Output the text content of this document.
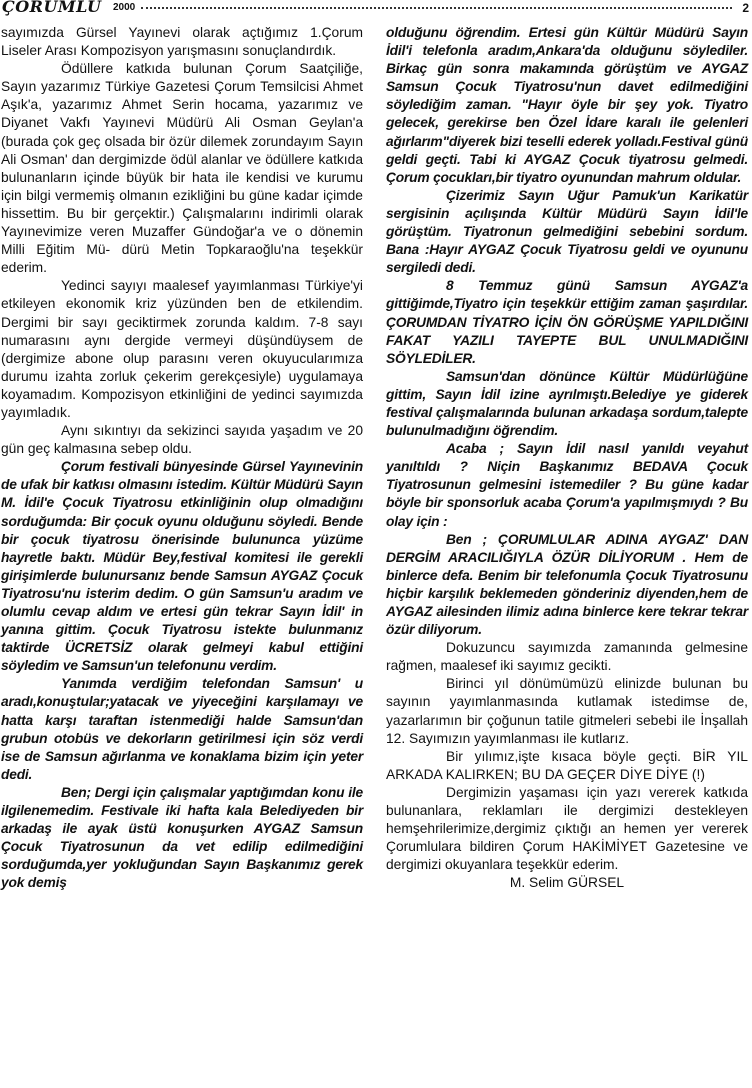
ÇORUMLU 2000	2

sayımızda Gürsel Yayınevi olarak açtığımız 1.Çorum Liseler Arası Kompozisyon yarışmasını sonuçlandırdık.

Ödüllere katkıda bulunan Çorum Saatçiliğe, Sayın yazarımız Türkiye Gazetesi Çorum Temsilcisi Ahmet Aşık'a, yazarımız Ahmet Serin hocama, yazarımız ve Diyanet Vakfı Yayınevi Müdürü Ali Osman Geylan'a (burada çok geç olsada bir özür dilemek zorundayım Sayın Ali Osman' dan dergimizde ödül alanlar ve ödüllere katkıda bulunanların içinde büyük bir hata ile kendisi ve kurumu için bilgi vermemiş olmanın ezikliğini bu güne kadar içimde hissettim. Bu bir gerçektir.) Çalışmalarını indirimli olarak Yayınevimize veren Muzaffer Gündoğar'a ve o dönemin Milli Eğitim Mü- dürü Metin Topkaraoğlu'na teşekkür ederim.

Yedinci sayıyı maalesef yayımlanması Türkiye'yi etkileyen ekonomik kriz yüzünden ben de etkilendim. Dergimi bir sayı geciktirmek zorunda kaldım. 7-8 sayı numarasını aynı dergide vermeyi düşündüysem de (dergimize abone olup parasını veren okuyucularımıza durumu izahta zorluk çekerim gerekçesiyle) uygulamaya koyamadım. Kompozisyon etkinliğini de yedinci sayımızda yayımladık.

Aynı sıkıntıyı da sekizinci sayıda yaşadım ve 20 gün geç kalmasına sebep oldu.

Çorum festivali bünyesinde Gürsel Yayınevinin de ufak bir katkısı olmasını istedim. Kültür Müdürü Sayın M. İdil'e Çocuk Tiyatrosu etkinliğinin olup olmadığını sorduğumda: Bir çocuk oyunu olduğunu söyledi. Bende bir çocuk tiyatrosu önerisinde bulununca yüzüme hayretle baktı. Müdür Bey,festival komitesi ile gerekli girişimlerde bulunursanız bende Samsun AYGAZ Çocuk Tiyatrosu'nu isterim dedim. O gün Samsun'u aradım ve olumlu cevap aldım ve ertesi gün tekrar Sayın İdil' in yanına gittim. Çocuk Tiyatrosu istekte bulunmanız taktirde ÜCRETSİZ olarak gelmeyi kabul ettiğini söyledim ve Samsun'un telefonunu verdim.

Yanımda verdiğim telefondan Samsun' u aradı,konuştular;yatacak ve yiyeceğini karşılamayı ve hatta karşı taraftan istenmediği halde Samsun'dan grubun otobüs ve dekorların getirilmesi için söz verdi ise de Samsun ağırlanma ve konaklama bizim için yeter dedi.

Ben; Dergi için çalışmalar yaptığımdan konu ile ilgilenemedim. Festivale iki hafta kala Belediyeden bir arkadaş ile ayak üstü konuşurken AYGAZ Samsun Çocuk Tiyatrosunun da vet edilip edilmediğini sorduğumda,yer yokluğundan Sayın Başkanımız gerek yok demiş

olduğunu öğrendim. Ertesi gün Kültür Müdürü Sayın İdil'i telefonla aradım,Ankara'da olduğunu söylediler. Birkaç gün sonra makamında görüştüm ve AYGAZ Samsun Çocuk Tiyatrosu'nun davet edilmediğini söylediğim zaman. "Hayır öyle bir şey yok. Tiyatro gelecek, gerekirse ben Özel İdare karalı ile gelenleri ağırlarım"diyerek bizi teselli ederek yolladı.Festival günü geldi geçti. Tabi ki AYGAZ Çocuk tiyatrosu gelmedi. Çorum çocukları,bir tiyatro oyunundan mahrum oldular.

Çizerimiz Sayın Uğur Pamuk'un Karikatür sergisinin açılışında Kültür Müdürü Sayın İdil'le görüştüm. Tiyatronun gelmediğini sebebini sordum. Bana :Hayır AYGAZ Çocuk Tiyatrosu geldi ve oyununu sergiledi dedi.

8 Temmuz günü Samsun AYGAZ'a gittiğimde,Tiyatro için teşekkür ettiğim zaman şaşırdılar. ÇORUMDAN TİYATRO İÇİN ÖN GÖRÜŞME YAPILDIĞINI FAKAT YAZILI TAYEPTE BUL UNULMADIĞINI SÖYLEDİLER.

Samsun'dan dönünce Kültür Müdürlüğüne gittim, Sayın İdil izine ayrılmıştı.Belediye ye giderek festival çalışmalarında bulunan arkadaşa sordum,talepte bulunulmadığını öğrendim.

Acaba ; Sayın İdil nasıl yanıldı veyahut yanıltıldı ? Niçin Başkanımız BEDAVA Çocuk Tiyatrosunun gelmesini istemediler ? Bu güne kadar böyle bir sponsorluk acaba Çorum'a yapılmışmıydı ? Bu olay için :

Ben ; ÇORUMLULAR ADINA AYGAZ' DAN DERGİM ARACILIĞIYLA ÖZÜR DİLİYORUM . Hem de binlerce defa. Benim bir telefonumla Çocuk Tiyatrosunu hiçbir karşılık beklemeden gönderiniz diyenden,hem de AYGAZ ailesinden ilimiz adına binlerce kere tekrar tekrar özür diliyorum.

Dokuzuncu sayımızda zamanında gelmesine rağmen, maalesef iki sayımız gecikti.

Birinci yıl dönümümüzü elinizde bulunan bu sayının yayımlanmasında kutlamak istedimse de, yazarlarımın bir çoğunun tatile gitmeleri sebebi ile İnşallah 12. Sayımızın yayımlanması ile kutlarız.

Bir yılımız,işte kısaca böyle geçti. BİR YIL ARKADA KALIRKEN; BU DA GEÇER DİYE DİYE (!)

Dergimizin yaşaması için yazı vererek katkıda bulunanlara, reklamları ile dergimizi destekleyen hemşehrilerimize,dergimiz çıktığı an hemen yer vererek Çorumlulara bildiren Çorum HAKİMİYET Gazetesine ve dergimizi okuyanlara teşekkür ederim.

M. Selim GÜRSEL
